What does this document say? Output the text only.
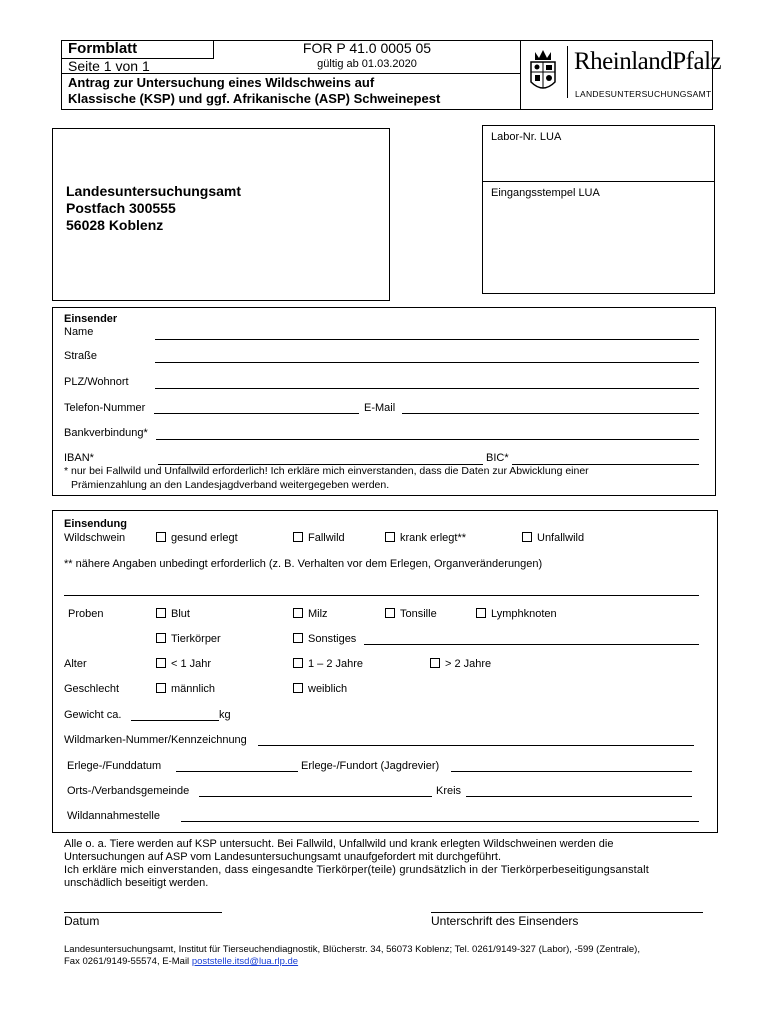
Formblatt
Seite 1 von 1
FOR P 41.0 0005 05
gültig ab 01.03.2020
Antrag zur Untersuchung eines Wildschweins auf
Klassische (KSP) und ggf. Afrikanische (ASP) Schweinepest
RheinlandPfalz
LANDESUNTERSUCHUNGSAMT
Landesuntersuchungsamt
Postfach 300555
56028 Koblenz
Labor-Nr. LUA
Eingangsstempel LUA
Einsender
Name
Straße
PLZ/Wohnort
Telefon-Nummer	E-Mail
Bankverbindung*
IBAN*	BIC*
* nur bei Fallwild und Unfallwild erforderlich! Ich erkläre mich einverstanden, dass die Daten zur Abwicklung einer
Prämienzahlung an den Landesjagdverband weitergegeben werden.
Einsendung
Wildschwein	gesund erlegt	Fallwild	krank erlegt**	Unfallwild
** nähere Angaben unbedingt erforderlich (z. B. Verhalten vor dem Erlegen, Organveränderungen)
Proben	Blut	Milz	Tonsille	Lymphknoten
Tierkörper	Sonstiges
Alter	< 1 Jahr	1 – 2 Jahre	> 2 Jahre
Geschlecht	männlich	weiblich
Gewicht ca.	kg
Wildmarken-Nummer/Kennzeichnung
Erlege-/Funddatum	Erlege-/Fundort (Jagdrevier)
Orts-/Verbandsgemeinde	Kreis
Wildannahmestelle
Alle o. a. Tiere werden auf KSP untersucht. Bei Fallwild, Unfallwild und krank erlegten Wildschweinen werden die
Untersuchungen auf ASP vom Landesuntersuchungsamt unaufgefordert mit durchgeführt.
Ich erkläre mich einverstanden, dass eingesandte Tierkörper(teile) grundsätzlich in der Tierkörperbeseitigungsanstalt
unschädlich beseitigt werden.
Datum	Unterschrift des Einsenders
Landesuntersuchungsamt, Institut für Tierseuchendiagnostik, Blücherstr. 34, 56073 Koblenz; Tel. 0261/9149-327 (Labor), -599 (Zentrale),
Fax 0261/9149-55574, E-Mail poststelle.itsd@lua.rlp.de
